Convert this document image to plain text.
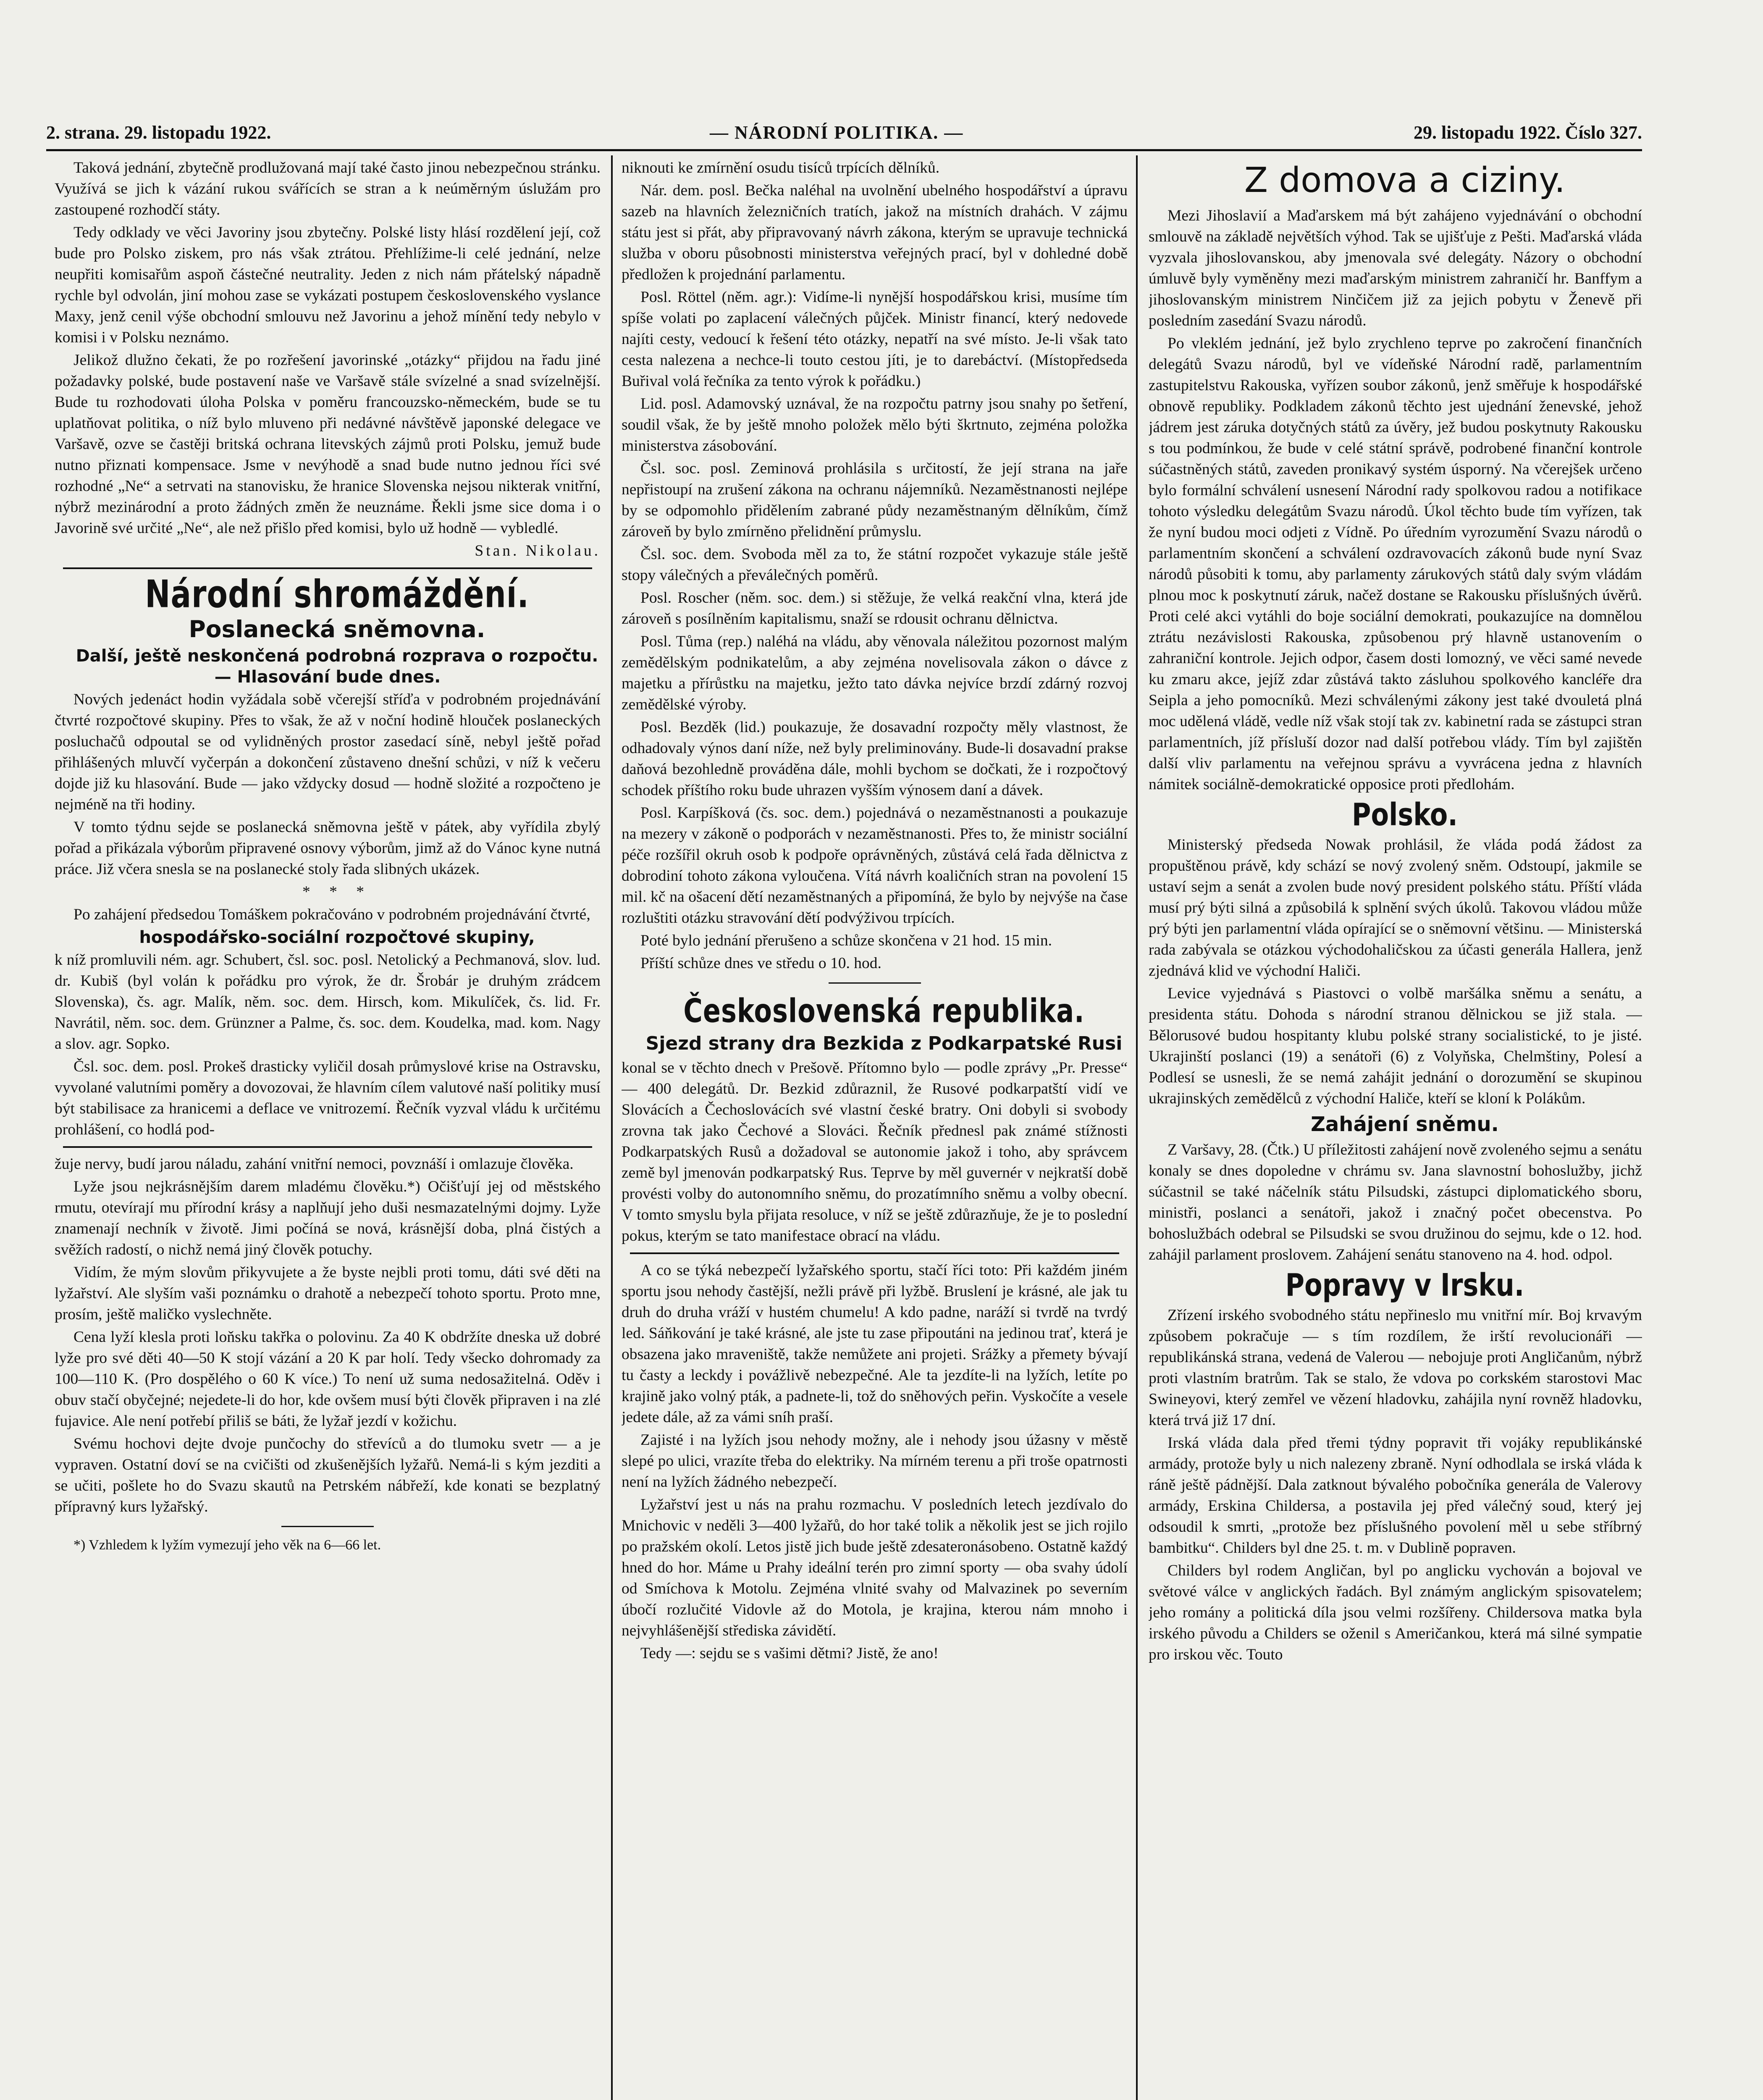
2. strana. 29. listopadu 1922.	— NÁRODNÍ POLITIKA. —	29. listopadu 1922. Číslo 327.

Taková jednání, zbytečně prodlužovaná mají také často jinou nebezpečnou stránku. Využívá se jich k vázání rukou svářících se stran a k neúměrným úslužám pro zastoupené rozhodčí státy.

Tedy odklady ve věci Javoriny jsou zbytečny. Polské listy hlásí rozdělení její, což bude pro Polsko ziskem, pro nás však ztrátou. Přehlížime-li celé jednání, nelze neupřiti komisařům aspoň částečné neutrality. Jeden z nich nám přátelský nápadně rychle byl odvolán, jiní mohou zase se vykázati postupem československého vyslance Maxy, jenž cenil výše obchodní smlouvu než Javorinu a jehož mínění tedy nebylo v komisi i v Polsku neznámo.

Jelikož dlužno čekati, že po rozřešení javorinské „otázky“ přijdou na řadu jiné požadavky polské, bude postavení naše ve Varšavě stále svízelné a snad svízelnější. Bude tu rozhodovati úloha Polska v poměru francouzsko-německém, bude se tu uplatňovat politika, o níž bylo mluveno při nedávné návštěvě japonské delegace ve Varšavě, ozve se častěji britská ochrana litevských zájmů proti Polsku, jemuž bude nutno přiznati kompensace. Jsme v nevýhodě a snad bude nutno jednou říci své rozhodné „Ne“ a setrvati na stanovisku, že hranice Slovenska nejsou nikterak vnitřní, nýbrž mezinárodní a proto žádných změn že neuznáme. Řekli jsme sice doma i o Javorině své určité „Ne“, ale než přišlo před komisi, bylo už hodně — vybledlé.

Stan. Nikolau.

Národní shromáždění.

Poslanecká sněmovna.

Další, ještě neskončená podrobná rozprava o rozpočtu. — Hlasování bude dnes.

Nových jedenáct hodin vyžádala sobě včerejší stříďa v podrobném projednávání čtvrté rozpočtové skupiny. Přes to však, že až v noční hodině hlouček poslaneckých posluchačů odpoutal se od vylidněných prostor zasedací síně, nebyl ještě pořad přihlášených mluvčí vyčerpán a dokončení zůstaveno dnešní schůzi, v níž k večeru dojde již ku hlasování. Bude — jako vždycky dosud — hodně složité a rozpočteno je nejméně na tři hodiny.

V tomto týdnu sejde se poslanecká sněmovna ještě v pátek, aby vyřídila zbylý pořad a přikázala výborům připravené osnovy výborům, jimž až do Vánoc kyne nutná práce. Již včera snesla se na poslanecké stoly řada slibných ukázek.

* * *

Po zahájení předsedou Tomáškem pokračováno v podrobném projednávání čtvrté,

hospodářsko-sociální rozpočtové skupiny,

k níž promluvili ném. agr. Schubert, čsl. soc. posl. Netolický a Pechmanová, slov. lud. dr. Kubiš (byl volán k pořádku pro výrok, že dr. Šrobár je druhým zrádcem Slovenska), čs. agr. Malík, něm. soc. dem. Hirsch, kom. Mikulíček, čs. lid. Fr. Navrátil, něm. soc. dem. Grünzner a Palme, čs. soc. dem. Koudelka, mad. kom. Nagy a slov. agr. Sopko.

Čsl. soc. dem. posl. Prokeš drasticky vyličil dosah průmyslové krise na Ostravsku, vyvolané valutními poměry a dovozovai, že hlavním cílem valutové naší politiky musí být stabilisace za hranicemi a deflace ve vnitrozemí. Řečník vyzval vládu k určitému prohlášení, co hodlá pod-

žuje nervy, budí jarou náladu, zahání vnitřní nemoci, povznáší i omlazuje člověka.

Lyže jsou nejkrásnějším darem mladému člověku.*) Očišťují jej od městského rmutu, otevírají mu přírodní krásy a naplňují jeho duši nesmazatelnými dojmy. Lyže znamenají nechník v životě. Jimi počíná se nová, krásnější doba, plná čistých a svěžích radostí, o nichž nemá jiný člověk potuchy.

Vidím, že mým slovům přikyvujete a že byste nejbli proti tomu, dáti své děti na lyžařství. Ale slyším vaši poznámku o drahotě a nebezpečí tohoto sportu. Proto mne, prosím, ještě maličko vyslechněte.

Cena lyží klesla proti loňsku takřka o polovinu. Za 40 K obdržíte dneska už dobré lyže pro své děti 40—50 K stojí vázání a 20 K par holí. Tedy všecko dohromady za 100—110 K. (Pro dospělého o 60 K více.) To není už suma nedosažitelná. Oděv i obuv stačí obyčejné; nejedete-li do hor, kde ovšem musí býti člověk připraven i na zlé fujavice. Ale není potřebí přiliš se báti, že lyžař jezdí v kožichu.

Svému hochovi dejte dvoje punčochy do střevíců a do tlumoku svetr — a je vypraven. Ostatní doví se na cvičišti od zkušenějších lyžařů. Nemá-li s kým jezditi a se učiti, pošlete ho do Svazu skautů na Petrském nábřeží, kde konati se bezplatný přípravný kurs lyžařský.

*) Vzhledem k lyžím vymezují jeho věk na 6—66 let.

niknouti ke zmírnění osudu tisíců trpících dělníků.

Nár. dem. posl. Bečka naléhal na uvolnění ubelného hospodářství a úpravu sazeb na hlavních železničních tratích, jakož na místních drahách. V zájmu státu jest si přát, aby připravovaný návrh zákona, kterým se upravuje technická služba v oboru působnosti ministerstva veřejných prací, byl v dohledné době předložen k projednání parlamentu.

Posl. Röttel (něm. agr.): Vidíme-li nynější hospodářskou krisi, musíme tím spíše volati po zaplacení válečných půjček. Ministr financí, který nedovede najíti cesty, vedoucí k řešení této otázky, nepatří na své místo. Je-li však tato cesta nalezena a nechce-li touto cestou jíti, je to darebáctví. (Místopředseda Buřival volá řečníka za tento výrok k pořádku.)

Lid. posl. Adamovský uznával, že na rozpočtu patrny jsou snahy po šetření, soudil však, že by ještě mnoho položek mělo býti škrtnuto, zejména položka ministerstva zásobování.

Čsl. soc. posl. Zeminová prohlásila s určitostí, že její strana na jaře nepřistoupí na zrušení zákona na ochranu nájemníků. Nezaměstnanosti nejlépe by se odpomohlo přidělením zabrané půdy nezaměstnaným dělníkům, čímž zároveň by bylo zmírněno přelidnění průmyslu.

Čsl. soc. dem. Svoboda měl za to, že státní rozpočet vykazuje stále ještě stopy válečných a převálečných poměrů.

Posl. Roscher (něm. soc. dem.) si stěžuje, že velká reakční vlna, která jde zároveň s posílněním kapitalismu, snaží se rdousit ochranu dělnictva.

Posl. Tůma (rep.) naléhá na vládu, aby věnovala náležitou pozornost malým zemědělským podnikatelům, a aby zejména novelisovala zákon o dávce z majetku a přírůstku na majetku, ježto tato dávka nejvíce brzdí zdárný rozvoj zemědělské výroby.

Posl. Bezděk (lid.) poukazuje, že dosavadní rozpočty měly vlastnost, že odhadovaly výnos daní níže, než byly preliminovány. Bude-li dosavadní prakse daňová bezohledně prováděna dále, mohli bychom se dočkati, že i rozpočtový schodek příštího roku bude uhrazen vyšším výnosem daní a dávek.

Posl. Karpíšková (čs. soc. dem.) pojednává o nezaměstnanosti a poukazuje na mezery v zákoně o podporách v nezaměstnanosti. Přes to, že ministr sociální péče rozšířil okruh osob k podpoře oprávněných, zůstává celá řada dělnictva z dobrodiní tohoto zákona vyloučena. Vítá návrh koaličních stran na povolení 15 mil. kč na ošacení dětí nezaměstnaných a připomíná, že bylo by nejvýše na čase rozluštiti otázku stravování dětí podvýživou trpících.

Poté bylo jednání přerušeno a schůze skončena v 21 hod. 15 min.

Příští schůze dnes ve středu o 10. hod.

Československá republika.

Sjezd strany dra Bezkida z Podkarpatské Rusi

konal se v těchto dnech v Prešově. Přítomno bylo — podle zprávy „Pr. Presse“ — 400 delegátů. Dr. Bezkid zdůraznil, že Rusové podkarpatští vidí ve Slovácích a Čechoslovácích své vlastní české bratry. Oni dobyli si svobody zrovna tak jako Čechové a Slováci. Řečník přednesl pak známé stížnosti Podkarpatských Rusů a dožadoval se autonomie jakož i toho, aby správcem země byl jmenován podkarpatský Rus. Teprve by měl guvernér v nejkratší době provésti volby do autonomního sněmu, do prozatímního sněmu a volby obecní. V tomto smyslu byla přijata resoluce, v níž se ještě zdůrazňuje, že je to poslední pokus, kterým se tato manifestace obrací na vládu.

A co se týká nebezpečí lyžařského sportu, stačí říci toto: Při každém jiném sportu jsou nehody častější, nežli právě při lyžbě. Bruslení je krásné, ale jak tu druh do druha vráží v hustém chumelu! A kdo padne, naráží si tvrdě na tvrdý led. Sáňkování je také krásné, ale jste tu zase připoutáni na jedinou trať, která je obsazena jako mraveniště, takže nemůžete ani projeti. Srážky a přemety bývají tu časty a leckdy i povážlivě nebezpečné. Ale ta jezdíte-li na lyžích, letíte po krajině jako volný pták, a padnete-li, tož do sněhových peřin. Vyskočíte a vesele jedete dále, až za vámi sníh praší.

Zajisté i na lyžích jsou nehody možny, ale i nehody jsou úžasny v městě slepé po ulici, vrazíte třeba do elektriky. Na mírném terenu a při troše opatrnosti není na lyžích žádného nebezpečí.

Lyžařství jest u nás na prahu rozmachu. V posledních letech jezdívalo do Mnichovic v neděli 3—400 lyžařů, do hor také tolik a několik jest se jich rojilo po pražském okolí. Letos jistě jich bude ještě zdesateronásobeno. Ostatně každý hned do hor. Máme u Prahy ideální terén pro zimní sporty — oba svahy údolí od Smíchova k Motolu. Zejména vlnité svahy od Malvazinek po severním úbočí rozlučité Vidovle až do Motola, je krajina, kterou nám mnoho i nejvyhlášenější střediska závidětí.

Tedy —: sejdu se s vašimi dětmi? Jistě, že ano!

Z domova a ciziny.

Mezi Jihoslavií a Maďarskem má být zahájeno vyjednávání o obchodní smlouvě na základě největších výhod. Tak se ujišťuje z Pešti. Maďarská vláda vyzvala jihoslovanskou, aby jmenovala své delegáty. Názory o obchodní úmluvě byly vyměněny mezi maďarským ministrem zahraničí hr. Banffym a jihoslovanským ministrem Ninčičem již za jejich pobytu v Ženevě při posledním zasedání Svazu národů.

Po vleklém jednání, jež bylo zrychleno teprve po zakročení finančních delegátů Svazu národů, byl ve vídeňské Národní radě, parlamentním zastupitelstvu Rakouska, vyřízen soubor zákonů, jenž směřuje k hospodářské obnově republiky. Podkladem zákonů těchto jest ujednání ženevské, jehož jádrem jest záruka dotyčných států za úvěry, jež budou poskytnuty Rakousku s tou podmínkou, že bude v celé státní správě, podrobené finanční kontrole súčastněných států, zaveden pronikavý systém úsporný. Na včerejšek určeno bylo formální schválení usnesení Národní rady spolkovou radou a notifikace tohoto výsledku delegátům Svazu národů. Úkol těchto bude tím vyřízen, tak že nyní budou moci odjeti z Vídně. Po úředním vyrozumění Svazu národů o parlamentním skončení a schválení ozdravovacích zákonů bude nyní Svaz národů působiti k tomu, aby parlamenty zárukových států daly svým vládám plnou moc k poskytnutí záruk, načež dostane se Rakousku příslušných úvěrů. Proti celé akci vytáhli do boje sociální demokrati, poukazujíce na domnělou ztrátu nezávislosti Rakouska, způsobenou prý hlavně ustanovením o zahraniční kontrole. Jejich odpor, časem dosti lomozný, ve věci samé nevede ku zmaru akce, jejíž zdar zůstává takto zásluhou spolkového kancléře dra Seipla a jeho pomocníků. Mezi schválenými zákony jest také dvouletá plná moc udělená vládě, vedle níž však stojí tak zv. kabinetní rada se zástupci stran parlamentních, jíž přísluší dozor nad další potřebou vlády. Tím byl zajištěn další vliv parlamentu na veřejnou správu a vyvrácena jedna z hlavních námitek sociálně-demokratické opposice proti předlohám.

Polsko.

Ministerský předseda Nowak prohlásil, že vláda podá žádost za propuštěnou právě, kdy schází se nový zvolený sněm. Odstoupí, jakmile se ustaví sejm a senát a zvolen bude nový president polského státu. Příští vláda musí prý býti silná a způsobilá k splnění svých úkolů. Takovou vládou může prý býti jen parlamentní vláda opírající se o sněmovní většinu. — Ministerská rada zabývala se otázkou východohaličskou za účasti generála Hallera, jenž zjednává klid ve východní Haliči.

Levice vyjednává s Piastovci o volbě maršálka sněmu a senátu, a presidenta státu. Dohoda s národní stranou dělnickou se již stala. — Bělorusové budou hospitanty klubu polské strany socialistické, to je jisté. Ukrajinští poslanci (19) a senátoři (6) z Volyňska, Chelmštiny, Polesí a Podlesí se usnesli, že se nemá zahájit jednání o dorozumění se skupinou ukrajinských zemědělců z východní Haliče, kteří se kloní k Polákům.

Zahájení sněmu.

Z Varšavy, 28. (Čtk.) U příležitosti zahájení nově zvoleného sejmu a senátu konaly se dnes dopoledne v chrámu sv. Jana slavnostní bohoslužby, jichž súčastnil se také náčelník státu Pilsudski, zástupci diplomatického sboru, ministři, poslanci a senátoři, jakož i značný počet obecenstva. Po bohoslužbách odebral se Pilsudski se svou družinou do sejmu, kde o 12. hod. zahájil parlament proslovem. Zahájení senátu stanoveno na 4. hod. odpol.

Popravy v Irsku.

Zřízení irského svobodného státu nepřineslo mu vnitřní mír. Boj krvavým způsobem pokračuje — s tím rozdílem, že irští revolucionáři — republikánská strana, vedená de Valerou — nebojuje proti Angličanům, nýbrž proti vlastním bratrům. Tak se stalo, že vdova po corkském starostovi Mac Swineyovi, který zemřel ve vězení hladovku, zahájila nyní rovněž hladovku, která trvá již 17 dní.

Irská vláda dala před třemi týdny popravit tři vojáky republikánské armády, protože byly u nich nalezeny zbraně. Nyní odhodlala se irská vláda k ráně ještě pádnější. Dala zatknout bývalého pobočníka generála de Valerovy armády, Erskina Childersa, a postavila jej před válečný soud, který jej odsoudil k smrti, „protože bez příslušného povolení měl u sebe stříbrný bambitku“. Childers byl dne 25. t. m. v Dublině popraven.

Childers byl rodem Angličan, byl po anglicku vychován a bojoval ve světové válce v anglických řadách. Byl známým anglickým spisovatelem; jeho romány a politická díla jsou velmi rozšířeny. Childersova matka byla irského původu a Childers se oženil s Američankou, která má silné sympatie pro irskou věc. Touto
